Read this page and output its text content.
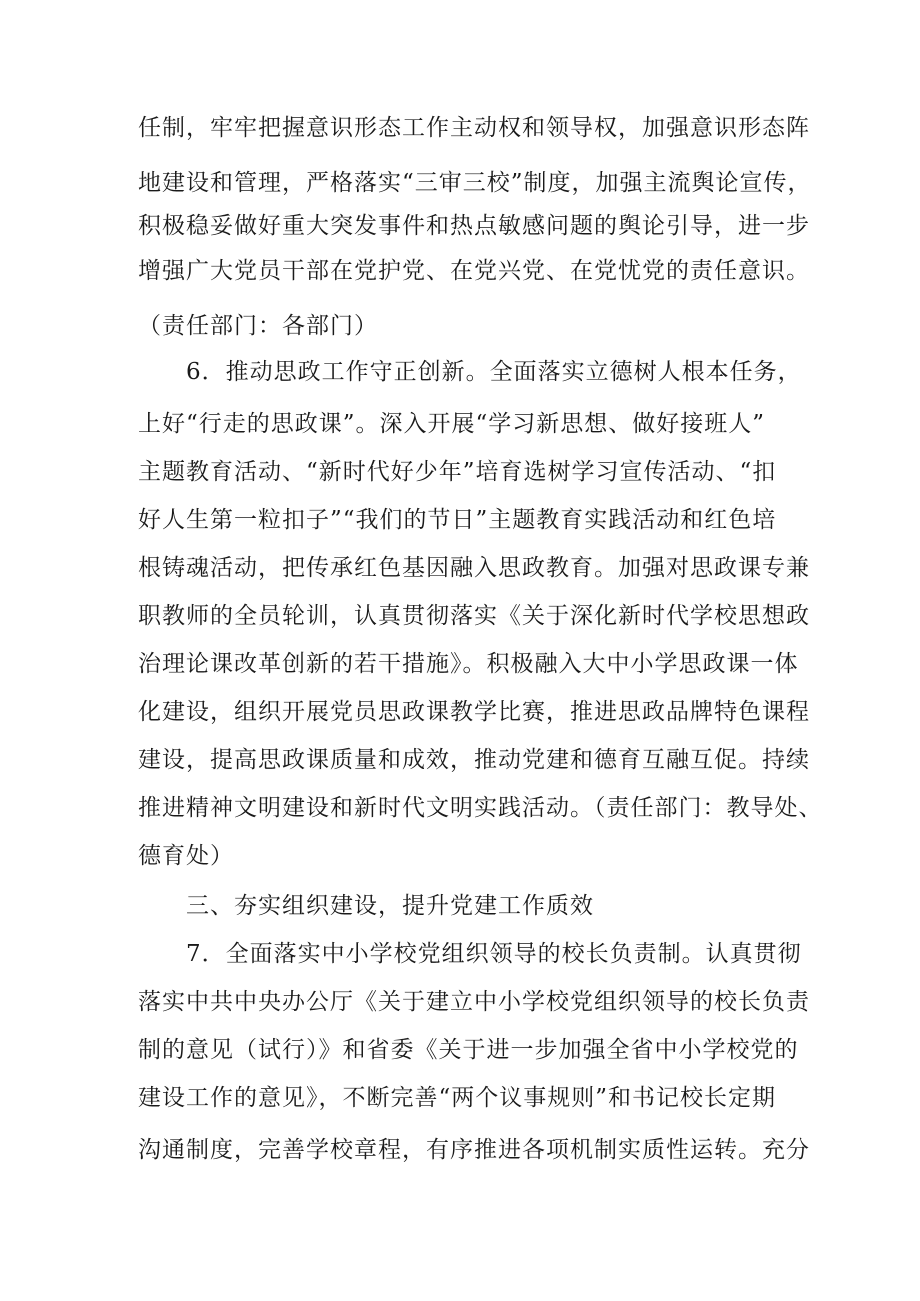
任制，牢牢把握意识形态工作主动权和领导权，加强意识形态阵
地建设和管理，严格落实“三审三校”制度，加强主流舆论宣传，
积极稳妥做好重大突发事件和热点敏感问题的舆论引导，进一步
增强广大党员干部在党护党、在党兴党、在党忧党的责任意识。
（责任部门：各部门）
6．推动思政工作守正创新。全面落实立德树人根本任务，
上好“行走的思政课”。深入开展“学习新思想、做好接班人”
主题教育活动、“新时代好少年”培育选树学习宣传活动、“扣
好人生第一粒扣子”“我们的节日”主题教育实践活动和红色培
根铸魂活动，把传承红色基因融入思政教育。加强对思政课专兼
职教师的全员轮训，认真贯彻落实《关于深化新时代学校思想政
治理论课改革创新的若干措施》。积极融入大中小学思政课一体
化建设，组织开展党员思政课教学比赛，推进思政品牌特色课程
建设，提高思政课质量和成效，推动党建和德育互融互促。持续
推进精神文明建设和新时代文明实践活动。（责任部门：教导处、
德育处）
三、夯实组织建设，提升党建工作质效
7．全面落实中小学校党组织领导的校长负责制。认真贯彻
落实中共中央办公厅《关于建立中小学校党组织领导的校长负责
制的意见（试行）》和省委《关于进一步加强全省中小学校党的
建设工作的意见》，不断完善“两个议事规则”和书记校长定期
沟通制度，完善学校章程，有序推进各项机制实质性运转。充分
